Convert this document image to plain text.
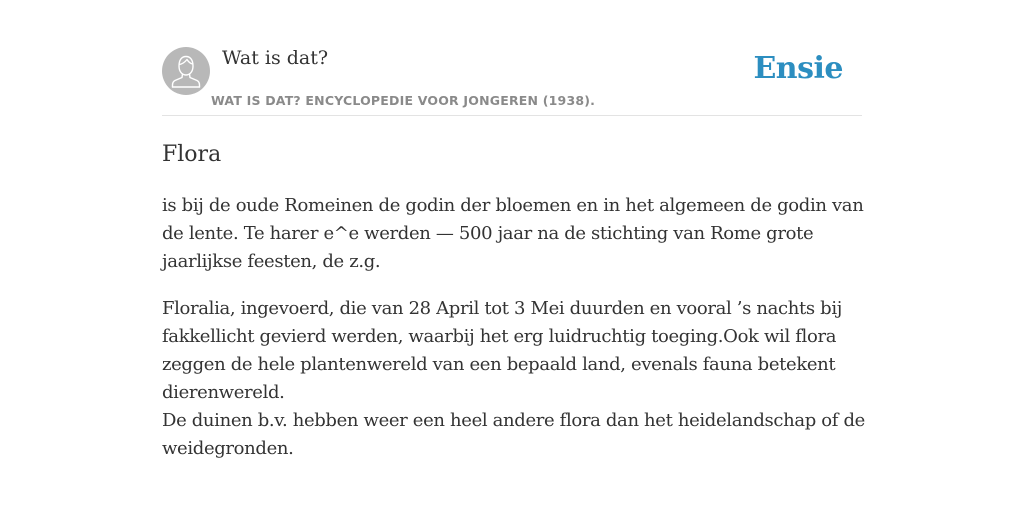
Wat is dat?
WAT IS DAT? ENCYCLOPEDIE VOOR JONGEREN (1938).
Ensie
Flora

is bij de oude Romeinen de godin der bloemen en in het algemeen de godin van
de lente. Te harer e^e werden — 500 jaar na de stichting van Rome grote
jaarlijkse feesten, de z.g.

Floralia, ingevoerd, die van 28 April tot 3 Mei duurden en vooral ’s nachts bij
fakkellicht gevierd werden, waarbij het erg luidruchtig toeging.Ook wil flora
zeggen de hele plantenwereld van een bepaald land, evenals fauna betekent
dierenwereld.
De duinen b.v. hebben weer een heel andere flora dan het heidelandschap of de
weidegronden.
